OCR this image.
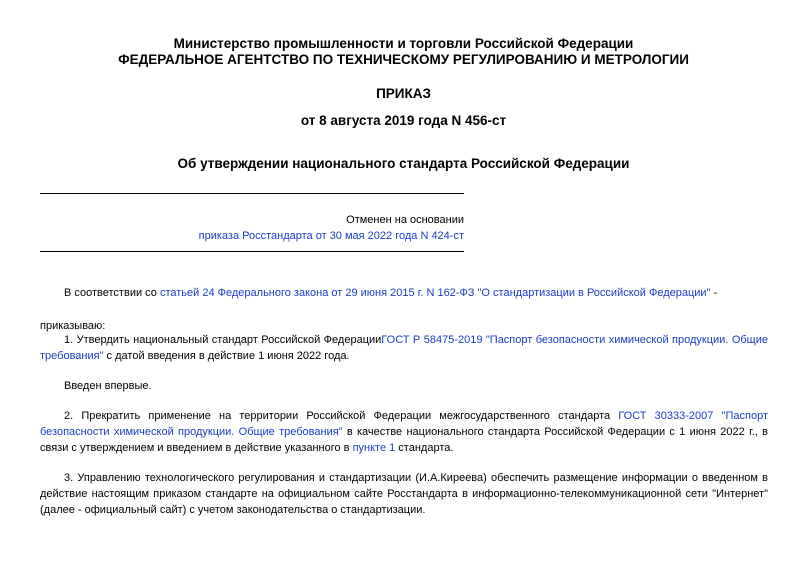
Министерство промышленности и торговли Российской Федерации
ФЕДЕРАЛЬНОЕ АГЕНТСТВО ПО ТЕХНИЧЕСКОМУ РЕГУЛИРОВАНИЮ И МЕТРОЛОГИИ
ПРИКАЗ
от 8 августа 2019 года N 456-ст
Об утверждении национального стандарта Российской Федерации
Отменен на основании
приказа Росстандарта от 30 мая 2022 года N 424-ст
В соответствии со статьей 24 Федерального закона от 29 июня 2015 г. N 162-ФЗ "О стандартизации в Российской Федерации" -
приказываю:
1. Утвердить национальный стандарт Российской ФедерацииГОСТ Р 58475-2019 "Паспорт безопасности химической продукции. Общие требования" с датой введения в действие 1 июня 2022 года.
Введен впервые.
2. Прекратить применение на территории Российской Федерации межгосударственного стандарта ГОСТ 30333-2007 "Паспорт безопасности химической продукции. Общие требования" в качестве национального стандарта Российской Федерации с 1 июня 2022 г., в связи с утверждением и введением в действие указанного в пункте 1 стандарта.
3. Управлению технологического регулирования и стандартизации (И.А.Киреева) обеспечить размещение информации о введенном в действие настоящим приказом стандарте на официальном сайте Росстандарта в информационно-телекоммуникационной сети "Интернет" (далее - официальный сайт) с учетом законодательства о стандартизации.
